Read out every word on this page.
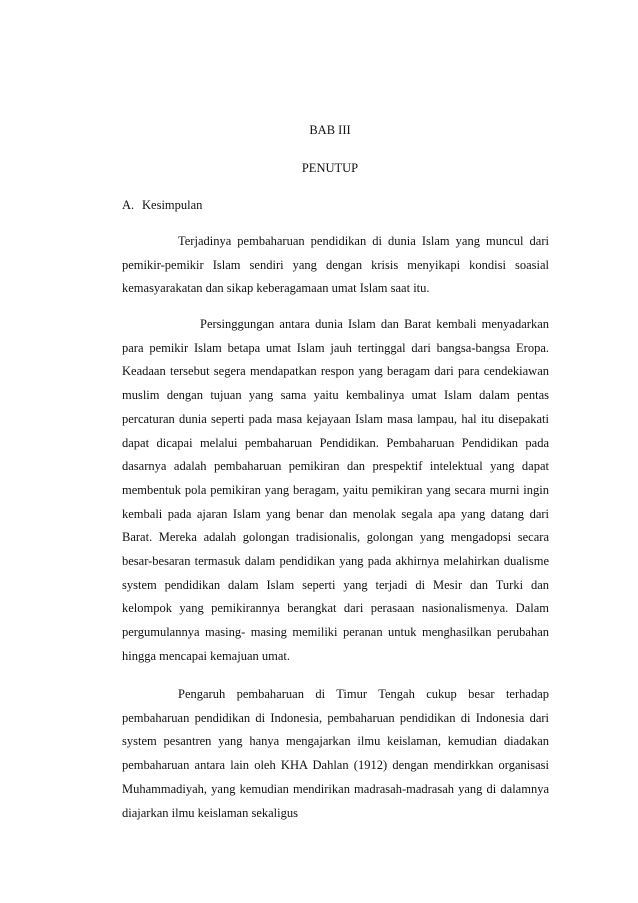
BAB III
PENUTUP
A. Kesimpulan

Terjadinya pembaharuan pendidikan di dunia Islam yang muncul dari pemikir-pemikir Islam sendiri yang dengan krisis menyikapi kondisi soasial kemasyarakatan dan sikap keberagamaan umat Islam saat itu.

Persinggungan antara dunia Islam dan Barat kembali menyadarkan para pemikir Islam betapa umat Islam jauh tertinggal dari bangsa-bangsa Eropa. Keadaan tersebut segera mendapatkan respon yang beragam dari para cendekiawan muslim dengan tujuan yang sama yaitu kembalinya umat Islam dalam pentas percaturan dunia seperti pada masa kejayaan Islam masa lampau, hal itu disepakati dapat dicapai melalui pembaharuan Pendidikan. Pembaharuan Pendidikan pada dasarnya adalah pembaharuan pemikiran dan prespektif intelektual yang dapat membentuk pola pemikiran yang beragam, yaitu pemikiran yang secara murni ingin kembali pada ajaran Islam yang benar dan menolak segala apa yang datang dari Barat. Mereka adalah golongan tradisionalis, golongan yang mengadopsi secara besar-besaran termasuk dalam pendidikan yang pada akhirnya melahirkan dualisme system pendidikan dalam Islam seperti yang terjadi di Mesir dan Turki dan kelompok yang pemikirannya berangkat dari perasaan nasionalismenya. Dalam pergumulannya masing- masing memiliki peranan untuk menghasilkan perubahan hingga mencapai kemajuan umat.

Pengaruh pembaharuan di Timur Tengah cukup besar terhadap pembaharuan pendidikan di Indonesia, pembaharuan pendidikan di Indonesia dari system pesantren yang hanya mengajarkan ilmu keislaman, kemudian diadakan pembaharuan antara lain oleh KHA Dahlan (1912) dengan mendirkkan organisasi Muhammadiyah, yang kemudian mendirikan madrasah-madrasah yang di dalamnya diajarkan ilmu keislaman sekaligus
